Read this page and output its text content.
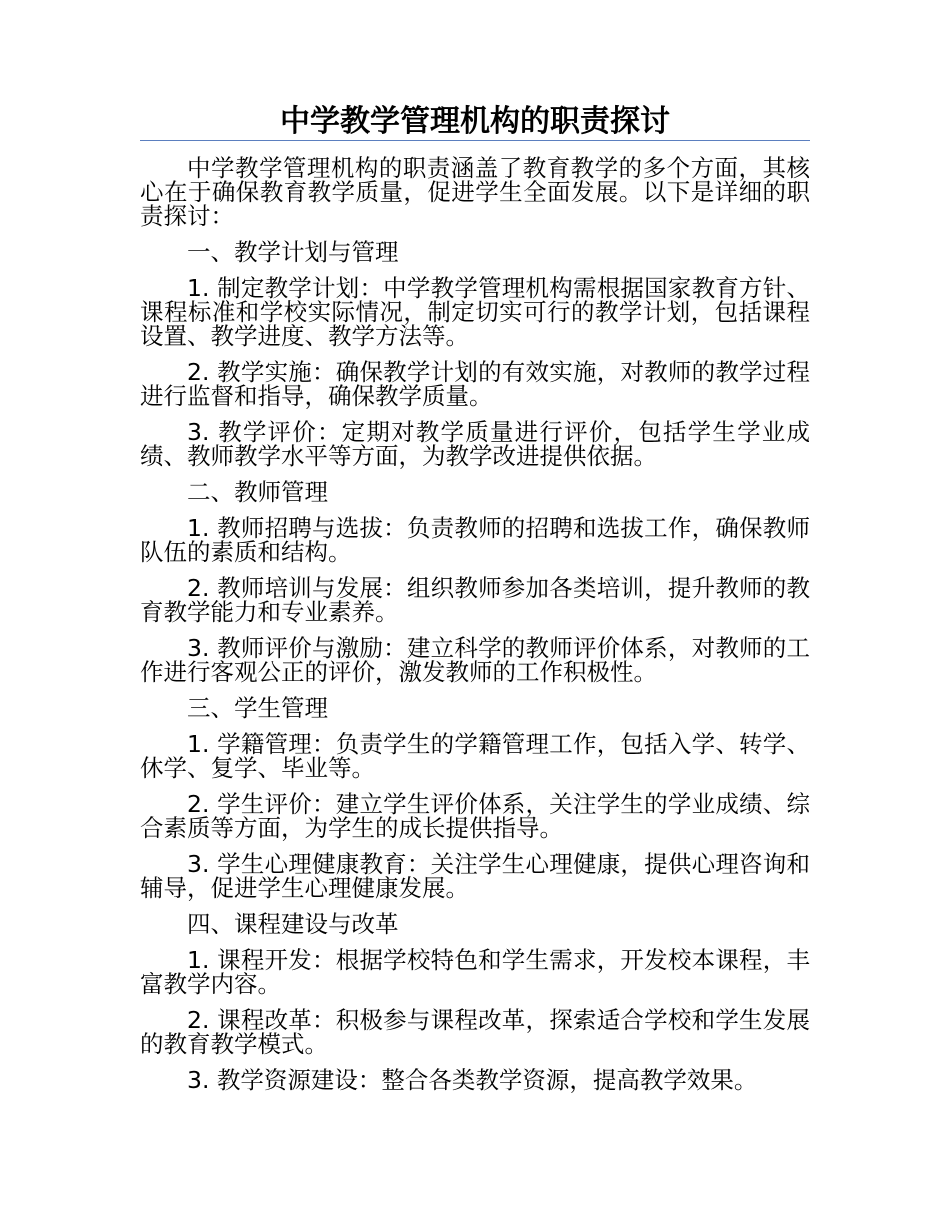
中学教学管理机构的职责探讨

中学教学管理机构的职责涵盖了教育教学的多个方面，其核心在于确保教育教学质量，促进学生全面发展。以下是详细的职责探讨：

一、教学计划与管理

1. 制定教学计划：中学教学管理机构需根据国家教育方针、课程标准和学校实际情况，制定切实可行的教学计划，包括课程设置、教学进度、教学方法等。

2. 教学实施：确保教学计划的有效实施，对教师的教学过程进行监督和指导，确保教学质量。

3. 教学评价：定期对教学质量进行评价，包括学生学业成绩、教师教学水平等方面，为教学改进提供依据。

二、教师管理

1. 教师招聘与选拔：负责教师的招聘和选拔工作，确保教师队伍的素质和结构。

2. 教师培训与发展：组织教师参加各类培训，提升教师的教育教学能力和专业素养。

3. 教师评价与激励：建立科学的教师评价体系，对教师的工作进行客观公正的评价，激发教师的工作积极性。

三、学生管理

1. 学籍管理：负责学生的学籍管理工作，包括入学、转学、休学、复学、毕业等。

2. 学生评价：建立学生评价体系，关注学生的学业成绩、综合素质等方面，为学生的成长提供指导。

3. 学生心理健康教育：关注学生心理健康，提供心理咨询和辅导，促进学生心理健康发展。

四、课程建设与改革

1. 课程开发：根据学校特色和学生需求，开发校本课程，丰富教学内容。

2. 课程改革：积极参与课程改革，探索适合学校和学生发展的教育教学模式。

3. 教学资源建设：整合各类教学资源，提高教学效果。
